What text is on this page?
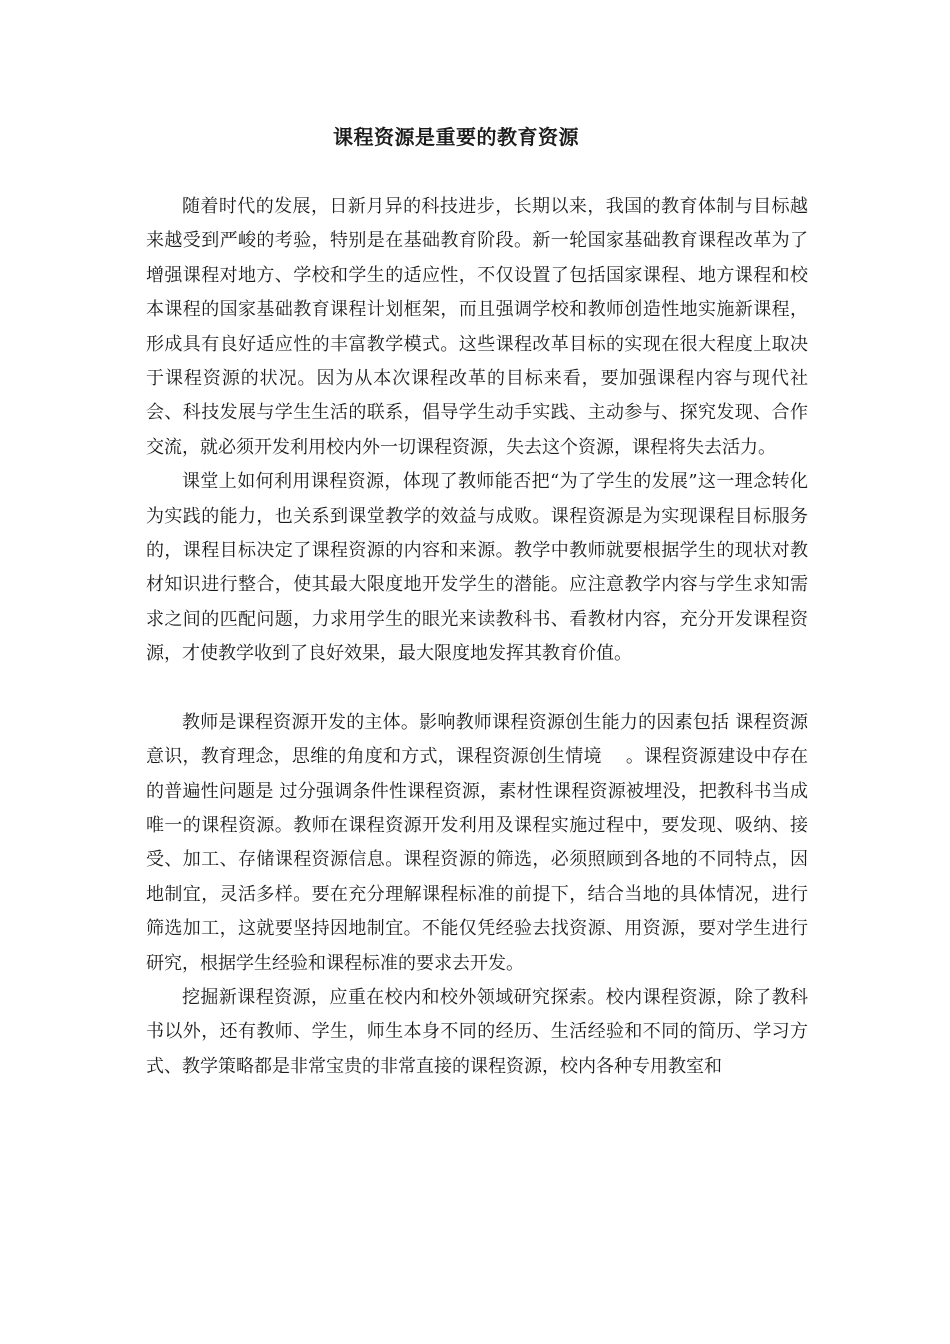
课程资源是重要的教育资源

随着时代的发展，日新月异的科技进步，长期以来，我国的教育体制与目标越来越受到严峻的考验，特别是在基础教育阶段。新一轮国家基础教育课程改革为了增强课程对地方、学校和学生的适应性，不仅设置了包括国家课程、地方课程和校本课程的国家基础教育课程计划框架，而且强调学校和教师创造性地实施新课程，形成具有良好适应性的丰富教学模式。这些课程改革目标的实现在很大程度上取决于课程资源的状况。因为从本次课程改革的目标来看，要加强课程内容与现代社会、科技发展与学生生活的联系，倡导学生动手实践、主动参与、探究发现、合作交流，就必须开发利用校内外一切课程资源，失去这个资源，课程将失去活力。

课堂上如何利用课程资源，体现了教师能否把“为了学生的发展”这一理念转化为实践的能力，也关系到课堂教学的效益与成败。课程资源是为实现课程目标服务的，课程目标决定了课程资源的内容和来源。教学中教师就要根据学生的现状对教材知识进行整合，使其最大限度地开发学生的潜能。应注意教学内容与学生求知需求之间的匹配问题，力求用学生的眼光来读教科书、看教材内容，充分开发课程资源，才使教学收到了良好效果，最大限度地发挥其教育价值。

教师是课程资源开发的主体。影响教师课程资源创生能力的因素包括 课程资源意识，教育理念，思维的角度和方式，课程资源创生情境 　。课程资源建设中存在的普遍性问题是 过分强调条件性课程资源，素材性课程资源被埋没，把教科书当成唯一的课程资源。教师在课程资源开发利用及课程实施过程中，要发现、吸纳、接受、加工、存储课程资源信息。课程资源的筛选，必须照顾到各地的不同特点，因地制宜，灵活多样。要在充分理解课程标准的前提下，结合当地的具体情况，进行筛选加工，这就要坚持因地制宜。不能仅凭经验去找资源、用资源，要对学生进行研究，根据学生经验和课程标准的要求去开发。

挖掘新课程资源，应重在校内和校外领域研究探索。校内课程资源，除了教科书以外，还有教师、学生，师生本身不同的经历、生活经验和不同的简历、学习方式、教学策略都是非常宝贵的非常直接的课程资源，校内各种专用教室和
